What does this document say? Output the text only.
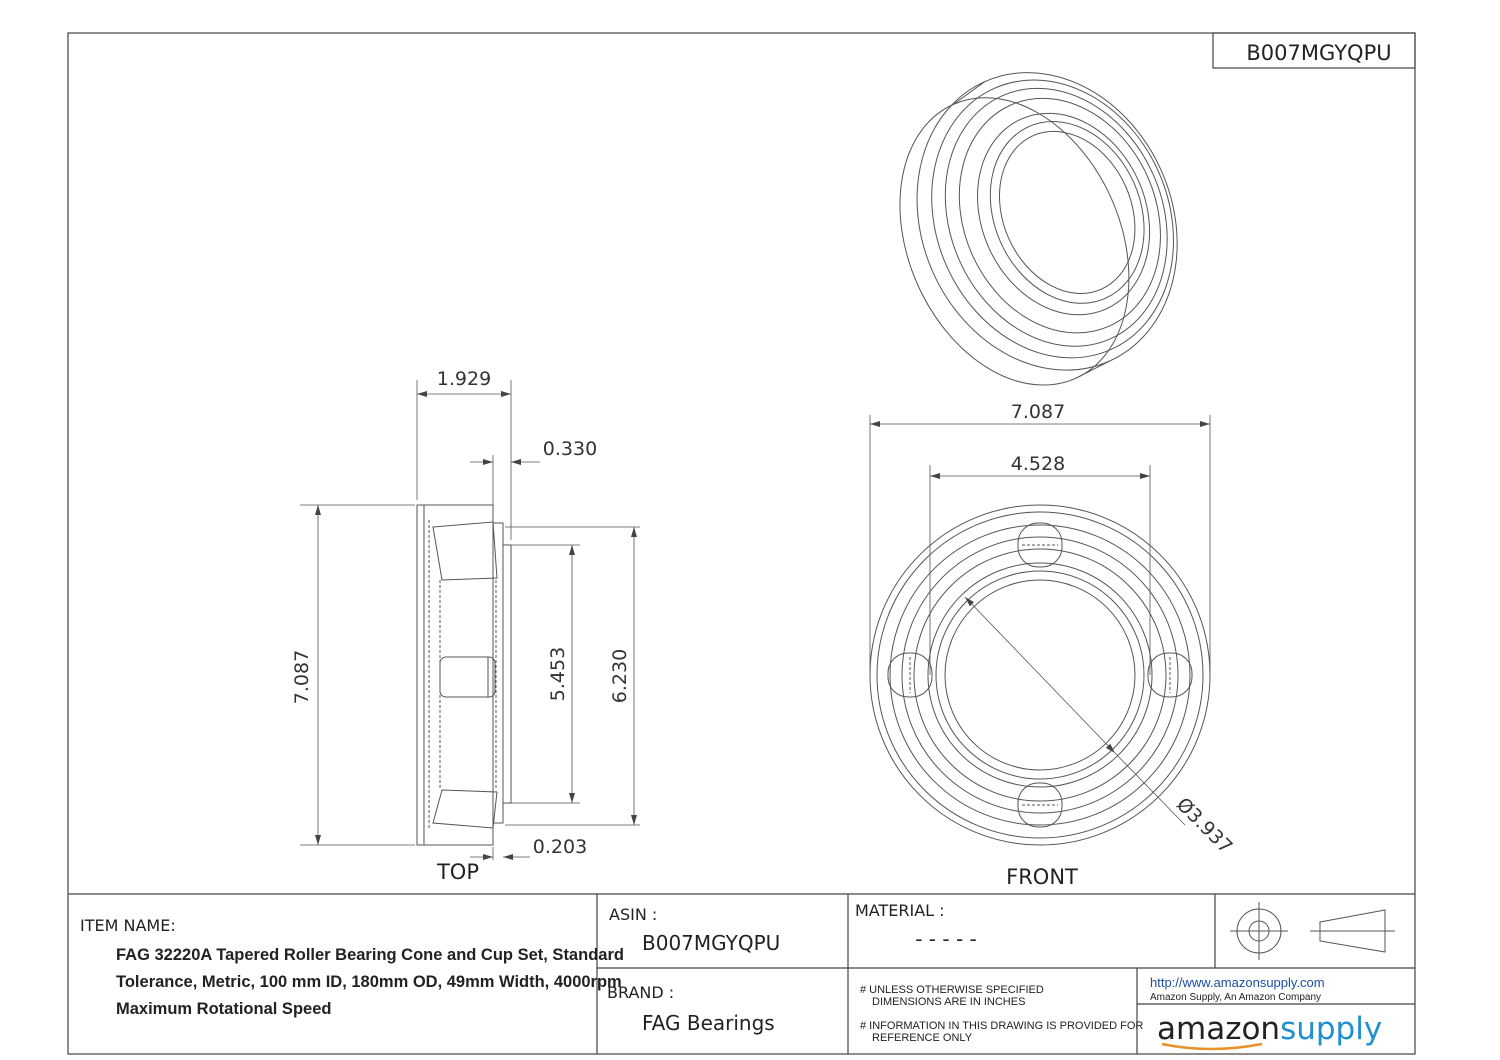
B007MGYQPU
1.929
0.330
7.087	5.453 6.230
0.203
TOP
7.087
4.528
Ø3.937
FRONT
ITEM NAME:
FAG 32220A Tapered Roller Bearing Cone and Cup Set, Standard
Tolerance, Metric, 100 mm ID, 180mm OD, 49mm Width, 4000rpm
Maximum Rotational Speed
ASIN :
B007MGYQPU
BRAND :
FAG Bearings
MATERIAL :
- - - - -
# UNLESS OTHERWISE SPECIFIED
DIMENSIONS ARE IN INCHES
# INFORMATION IN THIS DRAWING IS PROVIDED FOR
REFERENCE ONLY
http://www.amazonsupply.com
Amazon Supply, An Amazon Company
amazonsupply
